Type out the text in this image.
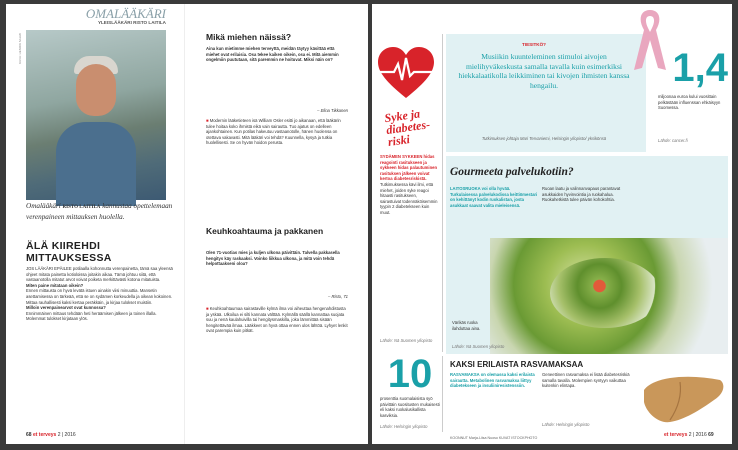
OMALÄÄKÄRI
YLEISLÄÄKÄRI RISTO LAITILA
KUVA: HENRIK SALMI
Omalääkäri RISTO LAITILA kannustaa opettelemaan verenpaineen mittauksen huolella.
ÄLÄ KIIREHDI MITTAUKSESSA
JOS LÄÄKÄRI EPÄILEE potilaalla kohonnutta verenpainetta, tämä saa yleensä ohjeet mitata painetta kotioloissa joitakin aikaa. Tämä johtuu siitä, että vastaanotolla mitatut arvot voivat poiketa merkittävästi kotona mitatuista.
Miten paine mitataan oikein?
Ennen mittausta on hyvä levätä istuen ainakin viisi minuuttia. Mansetin asettamisessa on tärkeää, että se on sydämen korkeudella ja oikean kokoinen. Mittaa rauhallisesti kaksi kertaa peräkkäin, ja kirjaa tulokset muistiin.
Milloin verenpainearvot ovat kunnossa?
Ennimmäinen mittaus tehdään heti heräämisen jälkeen ja toinen illalla. Molemmat tulokset kirjataan ylös.
Mikä miehen näissä?
Aina kun mietimme miehen terveyttä, meidän täytyy käsittää että miehet ovat erilaisia. Osa tekee kaiken oikein, osa ei. Mitä aiemmin ongelmiin puututaan, sitä paremmin ne hoituvat. Miksi näin on?
– Elina Tikkanen
■ Modernin lääketieteen isä William Osler esitti jo aikanaan, että lääkärin tulee hoitaa koko ihmistä eikä vain sairautta. Tuo ajatus on edelleen ajankohtainen. Kun potilas hakeutuu vastaanotolle, hänen huolensa on otettava vakavasti. Mitä lääkäri voi tehdä? Kuunnella, kysyä ja tutkia huolellisesti. Se on hyvän hoidon perusta.
Keuhkoahtauma ja pakkanen
Olen 71-vuotias mies ja kuljen ulkona päivittäin. Talvella pakkasella hengitys käy raskaaksi. Voinko liikkua ulkona, ja mitä voin tehdä helpottaakseni oloa?
– Risto, 71
■ Keuhkoahtaumaa sairastaville kylmä ilma voi aiheuttaa hengenahdistusta ja yskää. Ulkoilua ei silti kannata välttää. Kylmällä säällä kannattaa suojata suu ja nenä kaulahuivilla tai hengitysmaskilla, joka lämmittää sisään hengitettävää ilmaa. Lääkkeet on hyvä ottaa ennen ulos lähtöä. Lyhyet lenkit ovat parempia kuin pitkät.
68 et terveys 2 | 2016
Syke ja diabetes-riski
SYDÄMEN SYKKEEN hidas reagointi rasitukseen ja sykkeen hidas palautuminen rasituksen jälkeen voivat kertoa diabetesriskistä. Tutkimuksessa kävi ilmi, että miehet, joiden syke reagoi hitaasti rasitukseen, sairastuivat todennäköisemmin tyypin 2 diabetekseen kuin muut.
Lähde: Nä Suomen yliopisto
TIESITKÖ?
Musiikin kuunteleminen stimuloi aivojen mielihyväkeskusta samalla tavalla kuin esimerkiksi hiekkalaatikolla leikkiminen tai kivojen ihmisten kanssa hengailu.
Tutkimuksen johtaja Mari Tervaniemi, Helsingin yliopisto/ yksikönsä
1,4
miljoonaa euroa kului vuosittain pelkästään influenssan ehkäisyyn Suomessa.
Lähde: cancer.fi
Gourmeeta palvelukotiin?
LAITOSRUOKA voi olla hyvää. Turkulaisessa palvelukodissa keittiömestari on kehittänyt kodin ruokalistan, josta asukkaat saavat valita mieleisensä.
Ruoan laatu ja valinnanvapaus parantavat asukkaiden hyvinvointia ja ruokahalua. Ruokahetkistä tulee päivän kohokohtia.
Värikäs ruoka ilahduttaa aina.
Lähde: Nä Suomen yliopisto
10
prosenttia suomalaisista syö päivittäin suositusten mukaisesti eli kaksi ruokalusikallista kasviksia.
Lähde: Helsingin yliopisto
KAKSI ERILAISTA RASVAMAKSAA
RASVAMAKSA on olemassa kaksi erilaista sairautta. Metabolinen rasvamaksa liittyy diabetekseen ja insuliiniresistenssiin.
Geneettinen rasvamaksa ei lisää diabetesriskiä samalla tavalla. Molempien syntyyn vaikuttaa kuitenkin elintapa.
Lähde: Helsingin yliopisto
KOONNUT Marja-Liisa Nuoso KUVAT ISTOCKPHOTO	et terveys 2 | 2016 69
